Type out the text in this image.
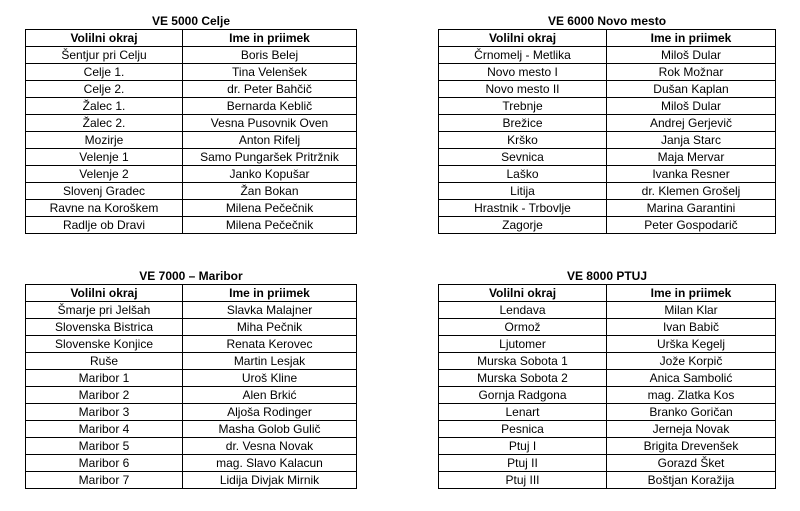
VE 5000 Celje
Volilni okraj	Ime in priimek
Šentjur pri Celju	Boris Belej
Celje 1.	Tina Velenšek
Celje 2.	dr. Peter Bahčič
Žalec 1.	Bernarda Keblič
Žalec 2.	Vesna Pusovnik Oven
Mozirje	Anton Rifelj
Velenje 1	Samo Pungaršek Pritržnik
Velenje 2	Janko Kopušar
Slovenj Gradec	Žan Bokan
Ravne na Koroškem	Milena Pečečnik
Radlje ob Dravi	Milena Pečečnik
VE 6000 Novo mesto
Volilni okraj	Ime in priimek
Črnomelj - Metlika	Miloš Dular
Novo mesto I	Rok Možnar
Novo mesto II	Dušan Kaplan
Trebnje	Miloš Dular
Brežice	Andrej Gerjevič
Krško	Janja Starc
Sevnica	Maja Mervar
Laško	Ivanka Resner
Litija	dr. Klemen Grošelj
Hrastnik - Trbovlje	Marina Garantini
Zagorje	Peter Gospodarič
VE 7000 – Maribor
Volilni okraj	Ime in priimek
Šmarje pri Jelšah	Slavka Malajner
Slovenska Bistrica	Miha Pečnik
Slovenske Konjice	Renata Kerovec
Ruše	Martin Lesjak
Maribor 1	Uroš Kline
Maribor 2	Alen Brkić
Maribor 3	Aljoša Rodinger
Maribor 4	Masha Golob Gulič
Maribor 5	dr. Vesna Novak
Maribor 6	mag. Slavo Kalacun
Maribor 7	Lidija Divjak Mirnik
VE 8000 PTUJ
Volilni okraj	Ime in priimek
Lendava	Milan Klar
Ormož	Ivan Babič
Ljutomer	Urška Kegelj
Murska Sobota 1	Jože Korpič
Murska Sobota 2	Anica Sambolić
Gornja Radgona	mag. Zlatka Kos
Lenart	Branko Goričan
Pesnica	Jerneja Novak
Ptuj I	Brigita Drevenšek
Ptuj II	Gorazd Šket
Ptuj III	Boštjan Koražija
